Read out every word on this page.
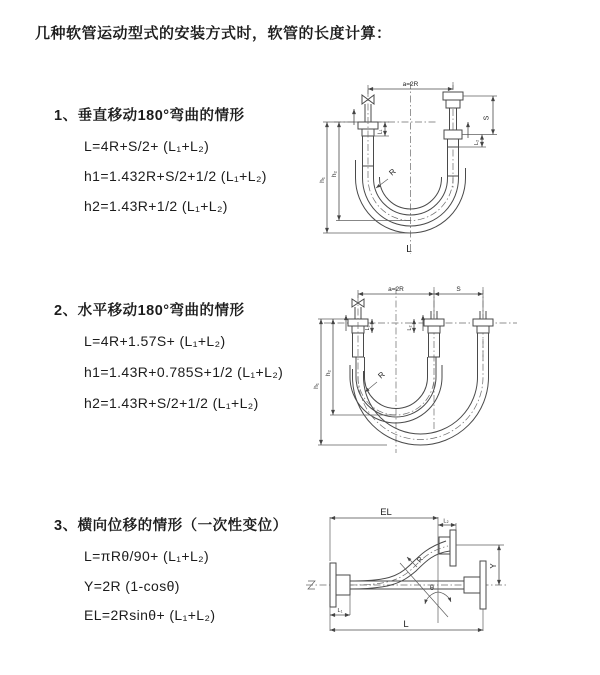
几种软管运动型式的安装方式时，软管的长度计算：
1、垂直移动180°弯曲的情形
L=4R+S/2+ (L₁+L₂)
h1=1.432R+S/2+1/2 (L₁+L₂)
h2=1.43R+1/2 (L₁+L₂)
2、水平移动180°弯曲的情形
L=4R+1.57S+ (L₁+L₂)
h1=1.43R+0.785S+1/2 (L₁+L₂)
h2=1.43R+S/2+1/2 (L₁+L₂)
3、横向位移的情形（一次性变位）
L=πRθ/90+ (L₁+L₂)
Y=2R (1-cosθ)
EL=2Rsinθ+ (L₁+L₂)
a=2R
S
L₂
h₁
h₂
L₁
R
L
a=2R	S
h₁
h₂
L₁	L₂
R
θ
R
EL
L₂
Y
L
L₁
